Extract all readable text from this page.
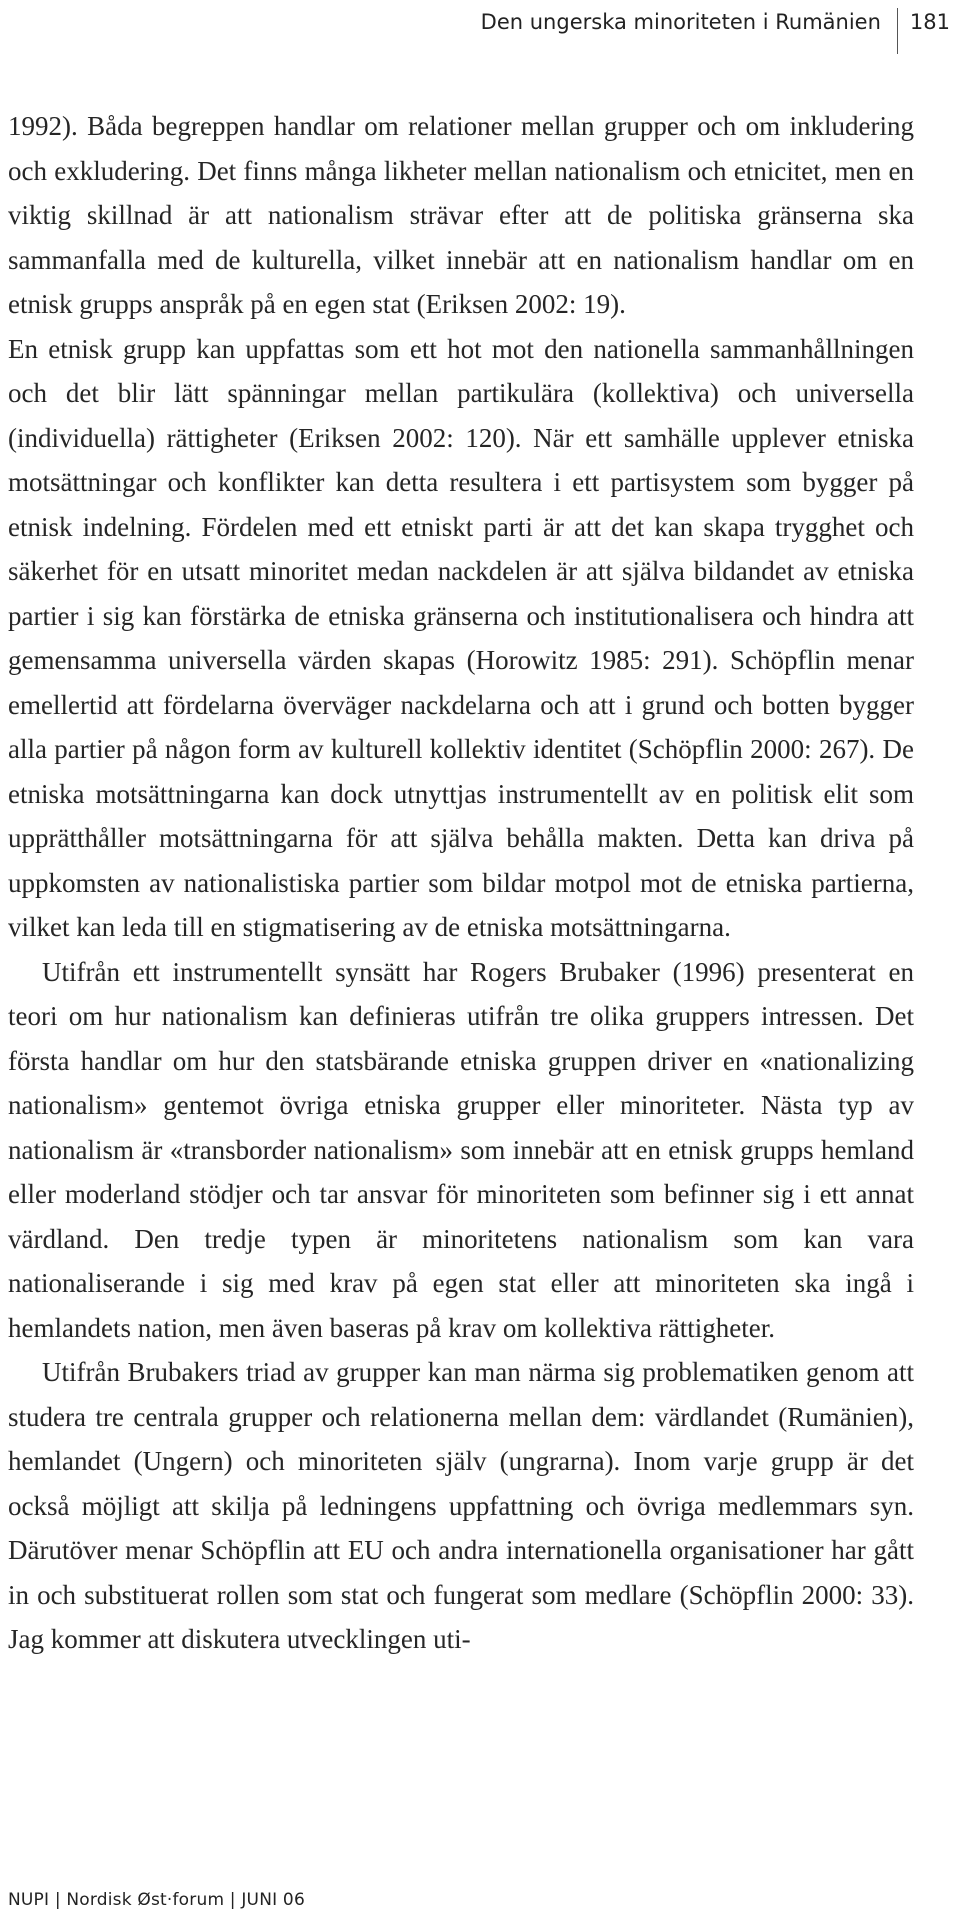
Den ungerska minoriteten i Rumänien	181

1992). Båda begreppen handlar om relationer mellan grupper och om inkludering och exkludering. Det finns många likheter mellan nationalism och etnicitet, men en viktig skillnad är att nationalism strävar efter att de politiska gränserna ska sammanfalla med de kulturella, vilket innebär att en nationalism handlar om en etnisk grupps anspråk på en egen stat (Eriksen 2002: 19).

En etnisk grupp kan uppfattas som ett hot mot den nationella sammanhållningen och det blir lätt spänningar mellan partikulära (kollektiva) och universella (individuella) rättigheter (Eriksen 2002: 120). När ett samhälle upplever etniska motsättningar och konflikter kan detta resultera i ett partisystem som bygger på etnisk indelning. Fördelen med ett etniskt parti är att det kan skapa trygghet och säkerhet för en utsatt minoritet medan nackdelen är att själva bildandet av etniska partier i sig kan förstärka de etniska gränserna och institutionalisera och hindra att gemensamma universella värden skapas (Horowitz 1985: 291). Schöpflin menar emellertid att fördelarna överväger nackdelarna och att i grund och botten bygger alla partier på någon form av kulturell kollektiv identitet (Schöpflin 2000: 267). De etniska motsättningarna kan dock utnyttjas instrumentellt av en politisk elit som upprätthåller motsättningarna för att själva behålla makten. Detta kan driva på uppkomsten av nationalistiska partier som bildar motpol mot de etniska partierna, vilket kan leda till en stigmatisering av de etniska motsättningarna.

Utifrån ett instrumentellt synsätt har Rogers Brubaker (1996) presenterat en teori om hur nationalism kan definieras utifrån tre olika gruppers intressen. Det första handlar om hur den statsbärande etniska gruppen driver en «nationalizing nationalism» gentemot övriga etniska grupper eller minoriteter. Nästa typ av nationalism är «transborder nationalism» som innebär att en etnisk grupps hemland eller moderland stödjer och tar ansvar för minoriteten som befinner sig i ett annat värdland. Den tredje typen är minoritetens nationalism som kan vara nationaliserande i sig med krav på egen stat eller att minoriteten ska ingå i hemlandets nation, men även baseras på krav om kollektiva rättigheter.

Utifrån Brubakers triad av grupper kan man närma sig problematiken genom att studera tre centrala grupper och relationerna mellan dem: värdlandet (Rumänien), hemlandet (Ungern) och minoriteten själv (ungrarna). Inom varje grupp är det också möjligt att skilja på ledningens uppfattning och övriga medlemmars syn. Därutöver menar Schöpflin att EU och andra internationella organisationer har gått in och substituerat rollen som stat och fungerat som medlare (Schöpflin 2000: 33). Jag kommer att diskutera utvecklingen uti-

NUPI | Nordisk Øst·forum | JUNI 06
